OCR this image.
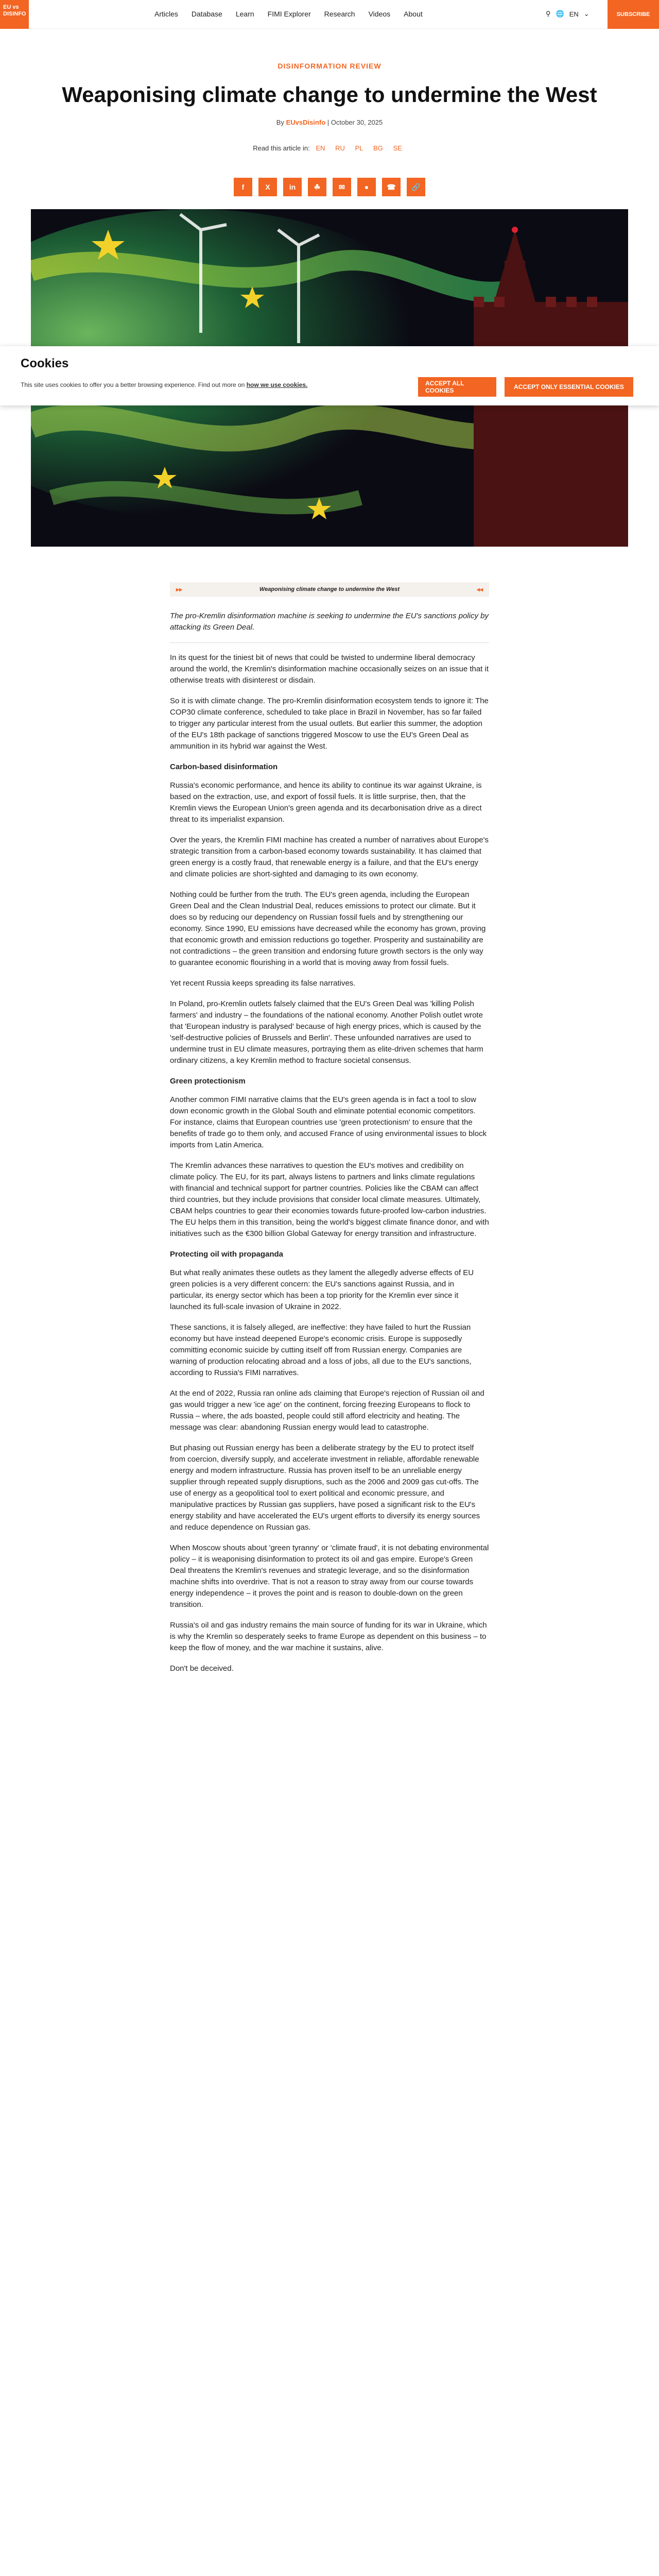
EU vs DISINFO	Articles Database Learn FIMI Explorer Research Videos About	⚲ 🌐 EN ⌄	SUBSCRIBE
DISINFORMATION REVIEW
Weaponising climate change to undermine the West
By EUvsDisinfo | October 30, 2025
Read this article in: EN RU PL BG SE
f	X	in	☘	✉	●	☎	🔗
Cookies

This site uses cookies to offer you a better browsing experience. Find out more on how we use cookies.	ACCEPT ALL COOKIES	ACCEPT ONLY ESSENTIAL COOKIES
▸▸	Weaponising climate change to undermine the West	◂◂

The pro-Kremlin disinformation machine is seeking to undermine the EU's sanctions policy by attacking its Green Deal.

In its quest for the tiniest bit of news that could be twisted to undermine liberal democracy around the world, the Kremlin's disinformation machine occasionally seizes on an issue that it otherwise treats with disinterest or disdain.

So it is with climate change. The pro-Kremlin disinformation ecosystem tends to ignore it: The COP30 climate conference, scheduled to take place in Brazil in November, has so far failed to trigger any particular interest from the usual outlets. But earlier this summer, the adoption of the EU's 18th package of sanctions triggered Moscow to use the EU's Green Deal as ammunition in its hybrid war against the West.

Carbon-based disinformation

Russia's economic performance, and hence its ability to continue its war against Ukraine, is based on the extraction, use, and export of fossil fuels. It is little surprise, then, that the Kremlin views the European Union's green agenda and its decarbonisation drive as a direct threat to its imperialist expansion.

Over the years, the Kremlin FIMI machine has created a number of narratives about Europe's strategic transition from a carbon-based economy towards sustainability. It has claimed that green energy is a costly fraud, that renewable energy is a failure, and that the EU's energy and climate policies are short-sighted and damaging to its own economy.

Nothing could be further from the truth. The EU's green agenda, including the European Green Deal and the Clean Industrial Deal, reduces emissions to protect our climate. But it does so by reducing our dependency on Russian fossil fuels and by strengthening our economy. Since 1990, EU emissions have decreased while the economy has grown, proving that economic growth and emission reductions go together. Prosperity and sustainability are not contradictions – the green transition and endorsing future growth sectors is the only way to guarantee economic flourishing in a world that is moving away from fossil fuels.

Yet recent Russia keeps spreading its false narratives.

In Poland, pro-Kremlin outlets falsely claimed that the EU's Green Deal was 'killing Polish farmers' and industry – the foundations of the national economy. Another Polish outlet wrote that 'European industry is paralysed' because of high energy prices, which is caused by the 'self-destructive policies of Brussels and Berlin'. These unfounded narratives are used to undermine trust in EU climate measures, portraying them as elite-driven schemes that harm ordinary citizens, a key Kremlin method to fracture societal consensus.

Green protectionism

Another common FIMI narrative claims that the EU's green agenda is in fact a tool to slow down economic growth in the Global South and eliminate potential economic competitors. For instance, claims that European countries use 'green protectionism' to ensure that the benefits of trade go to them only, and accused France of using environmental issues to block imports from Latin America.

The Kremlin advances these narratives to question the EU's motives and credibility on climate policy. The EU, for its part, always listens to partners and links climate regulations with financial and technical support for partner countries. Policies like the CBAM can affect third countries, but they include provisions that consider local climate measures. Ultimately, CBAM helps countries to gear their economies towards future-proofed low-carbon industries. The EU helps them in this transition, being the world's biggest climate finance donor, and with initiatives such as the €300 billion Global Gateway for energy transition and infrastructure.

Protecting oil with propaganda

But what really animates these outlets as they lament the allegedly adverse effects of EU green policies is a very different concern: the EU's sanctions against Russia, and in particular, its energy sector which has been a top priority for the Kremlin ever since it launched its full-scale invasion of Ukraine in 2022.

These sanctions, it is falsely alleged, are ineffective: they have failed to hurt the Russian economy but have instead deepened Europe's economic crisis. Europe is supposedly committing economic suicide by cutting itself off from Russian energy. Companies are warning of production relocating abroad and a loss of jobs, all due to the EU's sanctions, according to Russia's FIMI narratives.

At the end of 2022, Russia ran online ads claiming that Europe's rejection of Russian oil and gas would trigger a new 'ice age' on the continent, forcing freezing Europeans to flock to Russia – where, the ads boasted, people could still afford electricity and heating. The message was clear: abandoning Russian energy would lead to catastrophe.

But phasing out Russian energy has been a deliberate strategy by the EU to protect itself from coercion, diversify supply, and accelerate investment in reliable, affordable renewable energy and modern infrastructure. Russia has proven itself to be an unreliable energy supplier through repeated supply disruptions, such as the 2006 and 2009 gas cut-offs. The use of energy as a geopolitical tool to exert political and economic pressure, and manipulative practices by Russian gas suppliers, have posed a significant risk to the EU's energy stability and have accelerated the EU's urgent efforts to diversify its energy sources and reduce dependence on Russian gas.

When Moscow shouts about 'green tyranny' or 'climate fraud', it is not debating environmental policy – it is weaponising disinformation to protect its oil and gas empire. Europe's Green Deal threatens the Kremlin's revenues and strategic leverage, and so the disinformation machine shifts into overdrive. That is not a reason to stray away from our course towards energy independence – it proves the point and is reason to double-down on the green transition.

Russia's oil and gas industry remains the main source of funding for its war in Ukraine, which is why the Kremlin so desperately seeks to frame Europe as dependent on this business – to keep the flow of money, and the war machine it sustains, alive.

Don't be deceived.
